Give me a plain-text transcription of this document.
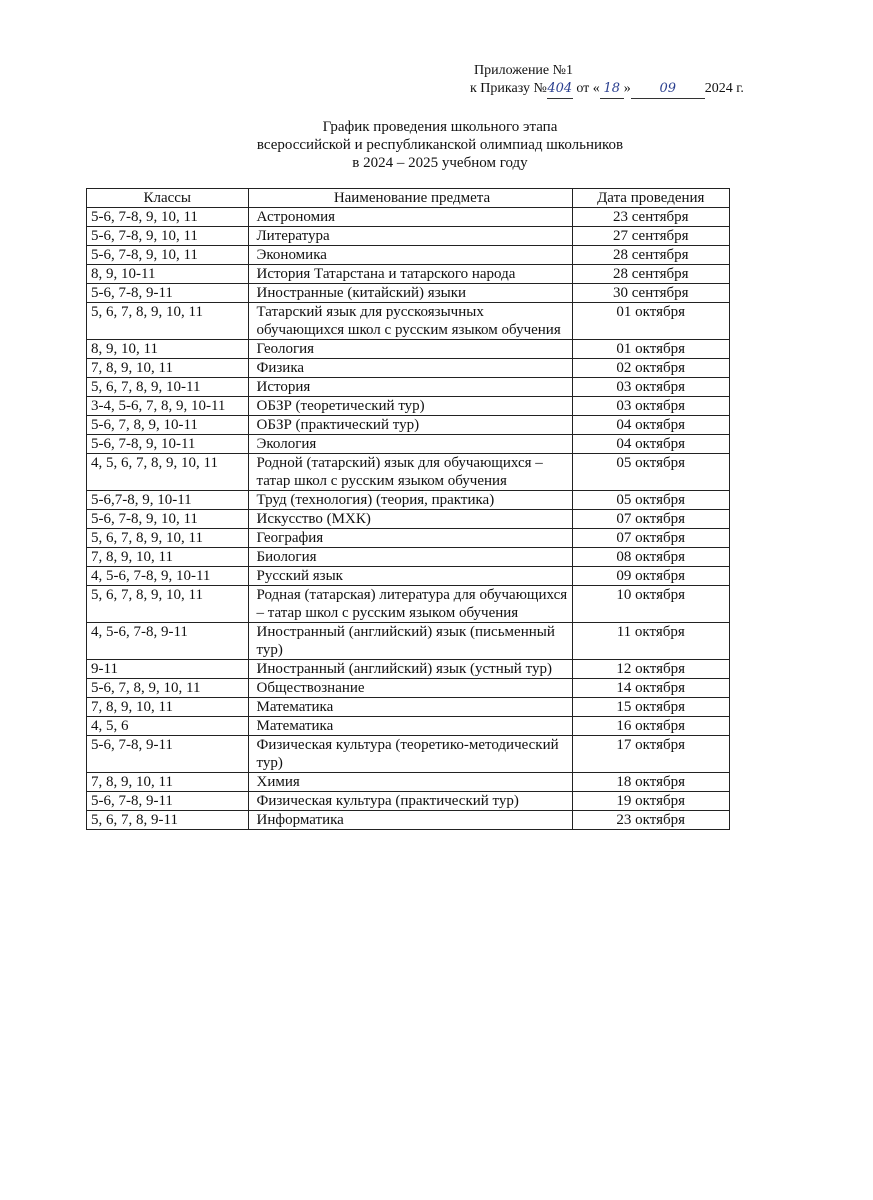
Приложение №1
к Приказу №404 от « 18 » 09 2024 г.
График проведения школьного этапа
всероссийской и республиканской олимпиад школьников
в 2024 – 2025 учебном году
Классы	Наименование предмета	Дата проведения
5-6, 7-8, 9, 10, 11	Астрономия	23 сентября
5-6, 7-8, 9, 10, 11	Литература	27 сентября
5-6, 7-8, 9, 10, 11	Экономика	28 сентября
8, 9, 10-11	История Татарстана и татарского народа	28 сентября
5-6, 7-8, 9-11	Иностранные (китайский) языки	30 сентября
5, 6, 7, 8, 9, 10, 11	Татарский язык для русскоязычных обучающихся школ с русским языком обучения	01 октября
8, 9, 10, 11	Геология	01 октября
7, 8, 9, 10, 11	Физика	02 октября
5, 6, 7, 8, 9, 10-11	История	03 октября
3-4, 5-6, 7, 8, 9, 10-11	ОБЗР (теоретический тур)	03 октября
5-6, 7, 8, 9, 10-11	ОБЗР (практический тур)	04 октября
5-6, 7-8, 9, 10-11	Экология	04 октября
4, 5, 6, 7, 8, 9, 10, 11	Родной (татарский) язык для обучающихся – татар школ с русским языком обучения	05 октября
5-6,7-8, 9, 10-11	Труд (технология) (теория, практика)	05 октября
5-6, 7-8, 9, 10, 11	Искусство (МХК)	07 октября
5, 6, 7, 8, 9, 10, 11	География	07 октября
7, 8, 9, 10, 11	Биология	08 октября
4, 5-6, 7-8, 9, 10-11	Русский язык	09 октября
5, 6, 7, 8, 9, 10, 11	Родная (татарская) литература для обучающихся – татар школ с русским языком обучения	10 октября
4, 5-6, 7-8, 9-11	Иностранный (английский) язык (письменный тур)	11 октября
9-11	Иностранный (английский) язык (устный тур)	12 октября
5-6, 7, 8, 9, 10, 11	Обществознание	14 октября
7, 8, 9, 10, 11	Математика	15 октября
4, 5, 6	Математика	16 октября
5-6, 7-8, 9-11	Физическая культура (теоретико-методический тур)	17 октября
7, 8, 9, 10, 11	Химия	18 октября
5-6, 7-8, 9-11	Физическая культура (практический тур)	19 октября
5, 6, 7, 8, 9-11	Информатика	23 октября
